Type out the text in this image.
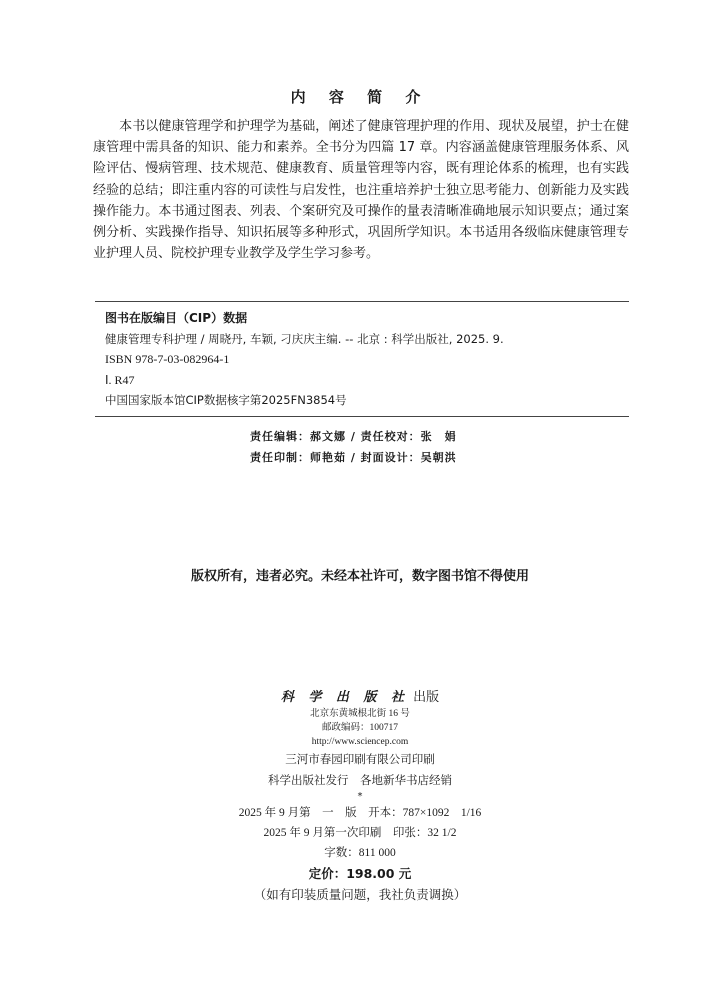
内 容 简 介
　　本书以健康管理学和护理学为基础，阐述了健康管理护理的作用、现状及展望，护士在健康管理中需具备的知识、能力和素养。全书分为四篇 17 章。内容涵盖健康管理服务体系、风险评估、慢病管理、技术规范、健康教育、质量管理等内容，既有理论体系的梳理，也有实践经验的总结；即注重内容的可读性与启发性，也注重培养护士独立思考能力、创新能力及实践操作能力。本书通过图表、列表、个案研究及可操作的量表清晰准确地展示知识要点；通过案例分析、实践操作指导、知识拓展等多种形式，巩固所学知识。本书适用各级临床健康管理专业护理人员、院校护理专业教学及学生学习参考。
图书在版编目（CIP）数据
健康管理专科护理 / 周晓丹, 车颖, 刁庆庆主编. -- 北京 : 科学出版社, 2025. 9.
ISBN 978-7-03-082964-1
Ⅰ. R47
中国国家版本馆CIP数据核字第2025FN3854号
责任编辑：郝文娜 / 责任校对：张　娟
责任印制：师艳茹 / 封面设计：吴朝洪
版权所有，违者必究。未经本社许可，数字图书馆不得使用
科 学 出 版 社 出版
北京东黄城根北街 16 号
邮政编码：100717
http://www.sciencep.com
三河市春园印刷有限公司印刷
科学出版社发行　各地新华书店经销
*
2025 年 9 月第　一　版　开本：787×1092　1/16
2025 年 9 月第一次印刷　印张：32 1/2
字数：811 000
定价：198.00 元
（如有印装质量问题，我社负责调换）
